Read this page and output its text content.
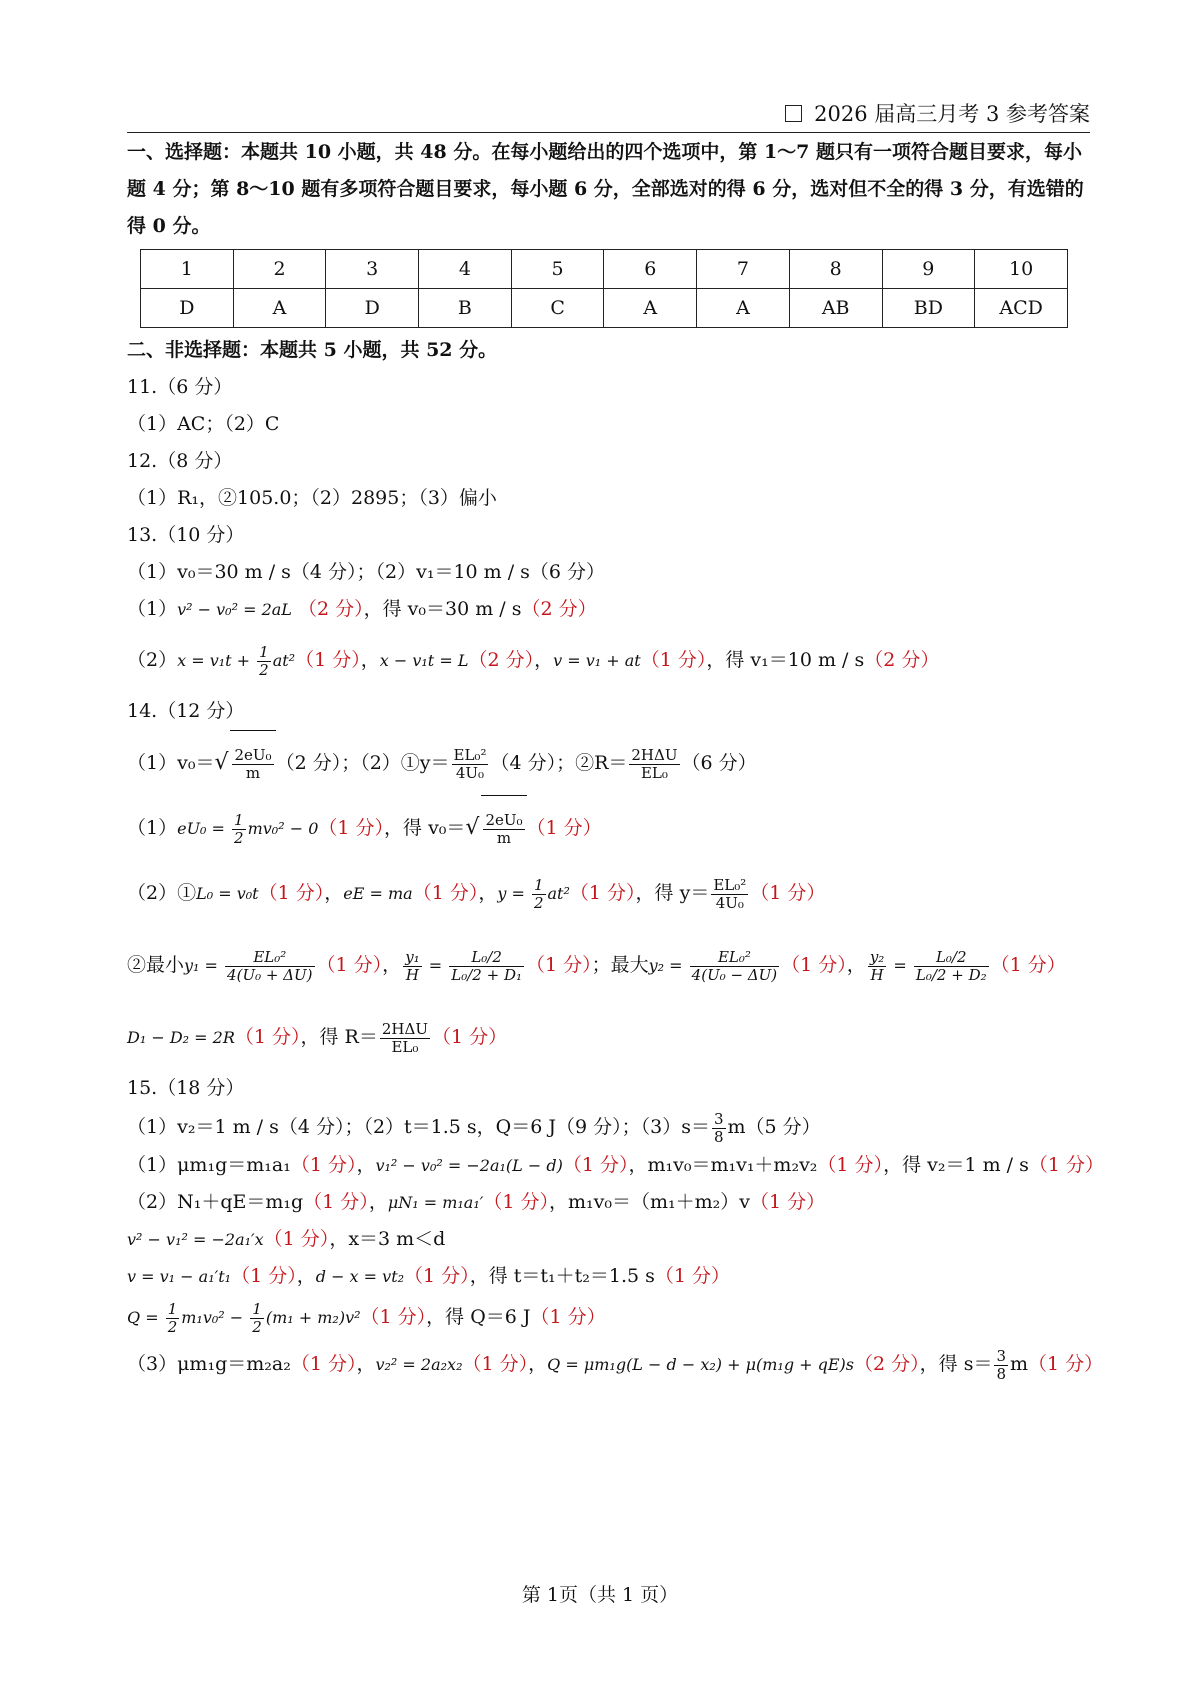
2026 届高三月考 3 参考答案
一、选择题：本题共 10 小题，共 48 分。在每小题给出的四个选项中，第 1～7 题只有一项符合题目要求，每小题 4 分；第 8～10 题有多项符合题目要求，每小题 6 分，全部选对的得 6 分，选对但不全的得 3 分，有选错的得 0 分。
1	2	3	4	5	6	7	8	9	10
D	A	D	B	C	A	A	AB	BD	ACD
二、非选择题：本题共 5 小题，共 52 分。
11.（6 分）
（1）AC；（2）C
12.（8 分）
（1）R₁，②105.0；（2）2895；（3）偏小
13.（10 分）
（1）v₀＝30 m / s（4 分）；（2）v₁＝10 m / s（6 分）
（1）v² − v₀² = 2aL （2 分），得 v₀＝30 m / s（2 分）
$(2)x = v_1t + \frac{1}{2} at^2(1$ 分），x − v₁t = L（2 分），v = v₁ + at（1 分），得 v₁＝10 m / s（2 分）
14.（12 分）
$(1)v_0=√ \frac{\text{2eU₀}}{m} (2$ 分）；（2）①y＝ $\frac{\text{EL₀²}}{\text{4U₀}} (4$ 分）；②R＝ $\frac{\text{2HΔU}}{\text{EL₀}} (6$ 分）
$(1)eU_0 = \frac{1}{2} mv_0^2 - 0(1$ 分），得 $v_0=√ \frac{\text{2eU₀}}{m} (1$ 分）
（2）①L₀ = v₀t（1 分），eE = ma（1 分），$y = \frac{1}{2} at^2(1$ 分），得 $y= \frac{\text{EL₀²}}{\text{4U₀}} (1$ 分）
②最小$y_1 = \frac{\text{EL₀²}}{\text{4(U₀ + ΔU)}} (1$ 分）， $\frac{\text{y₁}}{H} = \frac{\text{L₀/2}}{\text{L₀/2 + D₁}} (1$ 分）；最大$y_2 = \frac{\text{EL₀²}}{\text{4(U₀ − ΔU)}} (1$ 分）， $\frac{\text{y₂}}{H} = \frac{\text{L₀/2}}{\text{L₀/2 + D₂}} (1$ 分）
D₁ − D₂ = 2R（1 分），得 $R= \frac{\text{2HΔU}}{\text{EL₀}} (1$ 分）
15.（18 分）
（1）v₂＝1 m / s（4 分）；（2）t＝1.5 s，Q＝6 J（9 分）；$(3)s= \frac{3}{8} m(5$ 分）
（1）μm₁g＝m₁a₁（1 分），v₁² − v₀² = −2a₁(L − d)（1 分），m₁v₀＝m₁v₁＋m₂v₂（1 分），得 v₂＝1 m / s（1 分）
（2）N₁＋qE＝m₁g（1 分），μN₁ = m₁a₁′（1 分），m₁v₀＝（m₁＋m₂）v（1 分）
v² − v₁² = −2a₁′x（1 分），x＝3 m＜d
v = v₁ − a₁′t₁（1 分），d − x = vt₂（1 分），得 t＝t₁＋t₂＝1.5 s（1 分）
$Q = \frac{1}{2} m_1v_0^2 - \frac{1}{2} (m_1 + m_2)v^2(1$ 分），得 Q＝6 J（1 分）
（3）μm₁g＝m₂a₂（1 分），v₂² = 2a₂x₂（1 分），Q = μm₁g(L − d − x₂) + μ(m₁g + qE)s（2 分），得 $s= \frac{3}{8} m(1$ 分）
第 1页（共 1 页）
